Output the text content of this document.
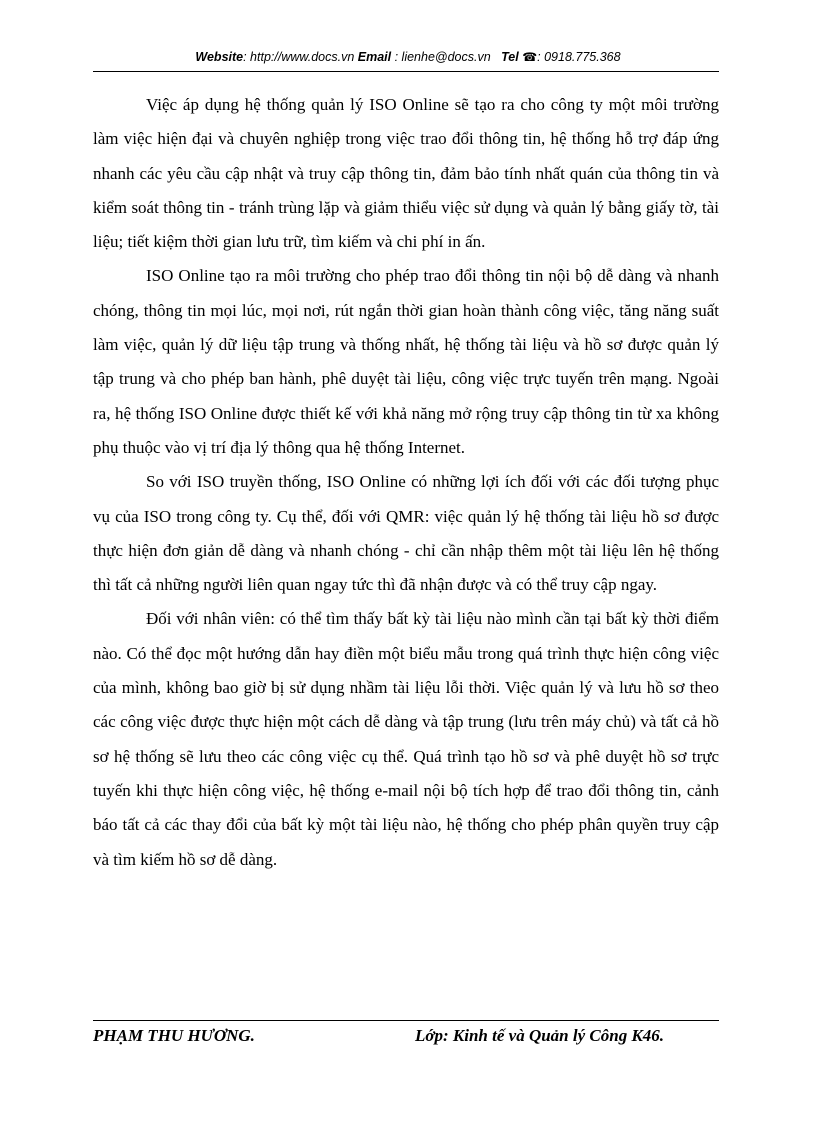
Website: http://www.docs.vn Email : lienhe@docs.vn Tel ☎: 0918.775.368

Việc áp dụng hệ thống quản lý ISO Online sẽ tạo ra cho công ty một môi trường làm việc hiện đại và chuyên nghiệp trong việc trao đổi thông tin, hệ thống hỗ trợ đáp ứng nhanh các yêu cầu cập nhật và truy cập thông tin, đảm bảo tính nhất quán của thông tin và kiểm soát thông tin - tránh trùng lặp và giảm thiểu việc sử dụng và quản lý bằng giấy tờ, tài liệu; tiết kiệm thời gian lưu trữ, tìm kiếm và chi phí in ấn.

ISO Online tạo ra môi trường cho phép trao đổi thông tin nội bộ dễ dàng và nhanh chóng, thông tin mọi lúc, mọi nơi, rút ngắn thời gian hoàn thành công việc, tăng năng suất làm việc, quản lý dữ liệu tập trung và thống nhất, hệ thống tài liệu và hồ sơ được quản lý tập trung và cho phép ban hành, phê duyệt tài liệu, công việc trực tuyến trên mạng. Ngoài ra, hệ thống ISO Online được thiết kế với khả năng mở rộng truy cập thông tin từ xa không phụ thuộc vào vị trí địa lý thông qua hệ thống Internet.

So với ISO truyền thống, ISO Online có những lợi ích đối với các đối tượng phục vụ của ISO trong công ty. Cụ thể, đối với QMR: việc quản lý hệ thống tài liệu hồ sơ được thực hiện đơn giản dễ dàng và nhanh chóng - chỉ cần nhập thêm một tài liệu lên hệ thống thì tất cả những người liên quan ngay tức thì đã nhận được và có thể truy cập ngay.

Đối với nhân viên: có thể tìm thấy bất kỳ tài liệu nào mình cần tại bất kỳ thời điểm nào. Có thể đọc một hướng dẫn hay điền một biểu mẫu trong quá trình thực hiện công việc của mình, không bao giờ bị sử dụng nhầm tài liệu lỗi thời. Việc quản lý và lưu hồ sơ theo các công việc được thực hiện một cách dễ dàng và tập trung (lưu trên máy chủ) và tất cả hồ sơ hệ thống sẽ lưu theo các công việc cụ thể. Quá trình tạo hồ sơ và phê duyệt hồ sơ trực tuyến khi thực hiện công việc, hệ thống e-mail nội bộ tích hợp để trao đổi thông tin, cảnh báo tất cả các thay đổi của bất kỳ một tài liệu nào, hệ thống cho phép phân quyền truy cập và tìm kiếm hồ sơ dễ dàng.

PHẠM THU HƯƠNG.	Lớp: Kinh tế và Quản lý Công K46.
